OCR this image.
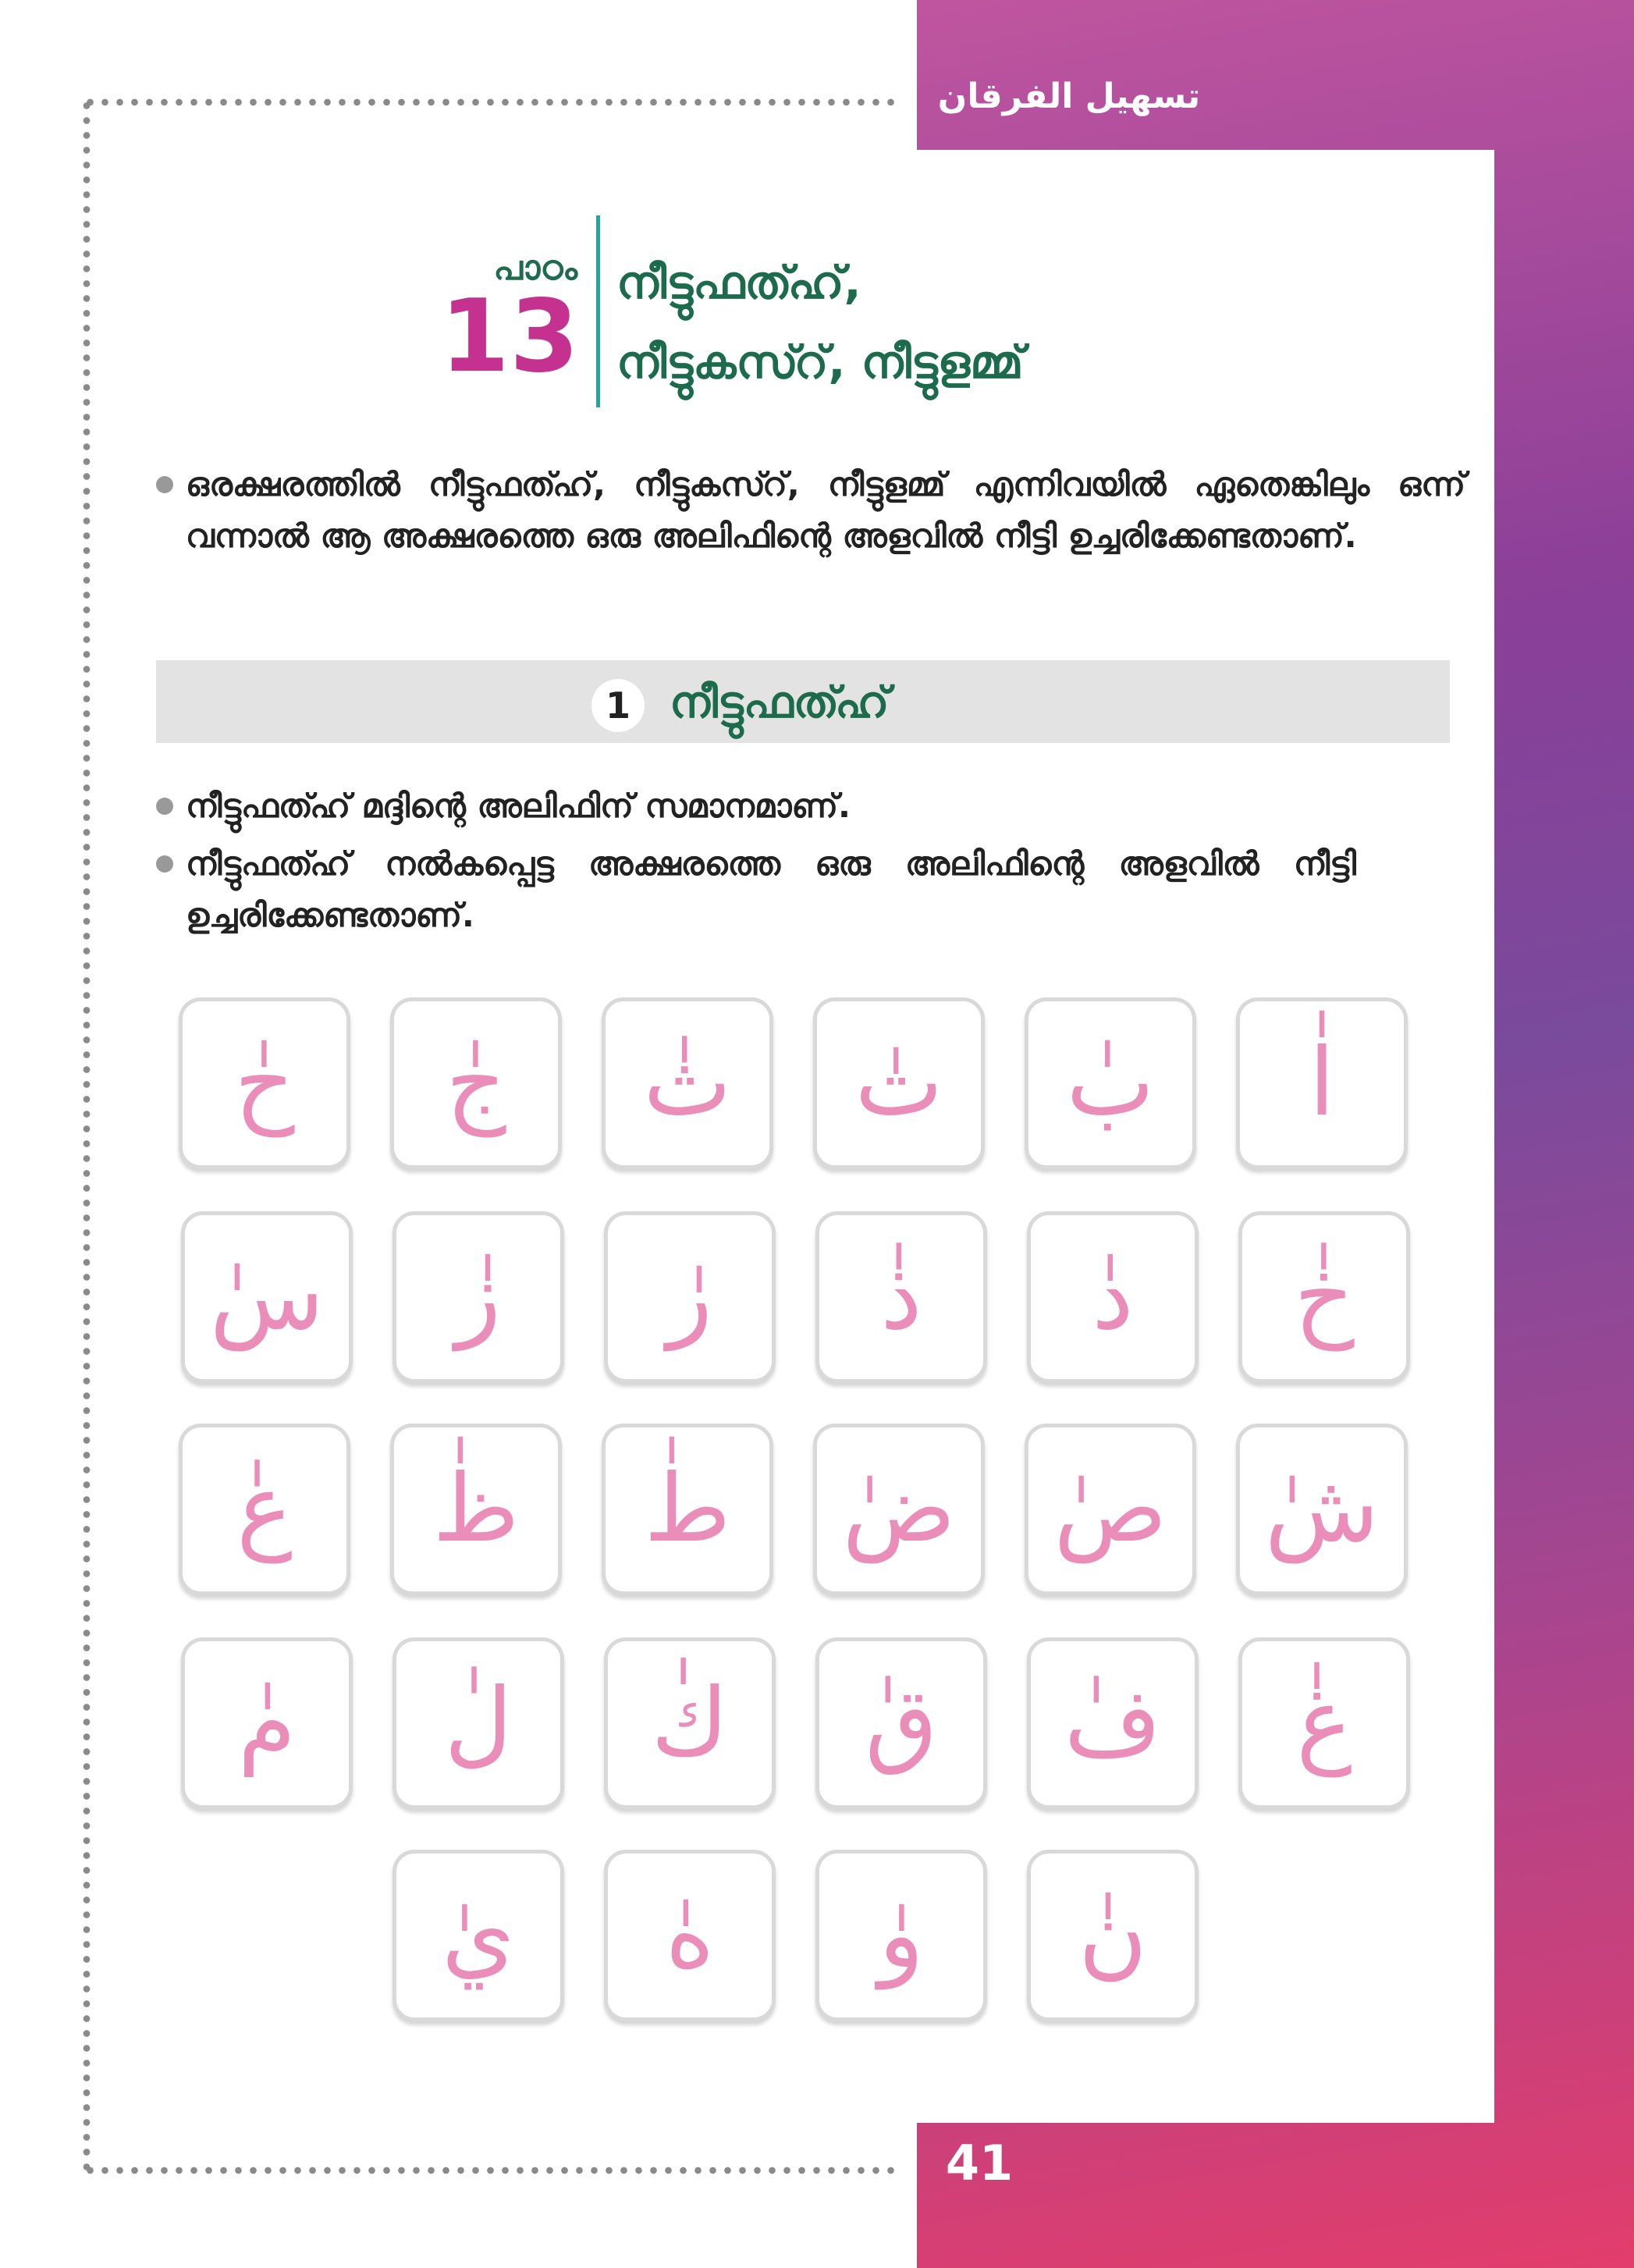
تسهيل الفرقان
പാഠം
13 നീട്ടുഫത്ഹ്,
നീട്ടുകസ്റ്, നീട്ടുളമ്മ്
ഒരക്ഷരത്തിൽ നീട്ടുഫത്ഹ്, നീട്ടുകസ്റ്, നീട്ടുളമ്മ് എന്നിവയിൽ ഏതെങ്കിലും ഒന്ന് വന്നാൽ ആ അക്ഷരത്തെ ഒരു അലിഫിന്റെ അളവിൽ നീട്ടി ഉച്ചരിക്കേണ്ടതാണ്.
1 നീട്ടുഫത്ഹ്
നീട്ടുഫത്ഹ് മദ്ദിന്റെ അലിഫിന് സമാനമാണ്.
നീട്ടുഫത്ഹ് നൽകപ്പെട്ട അക്ഷരത്തെ ഒരു അലിഫിന്റെ അളവിൽ നീട്ടി ഉച്ചരിക്കേണ്ടതാണ്.
اٰ
بٰ
تٰ
ثٰ
جٰ
حٰ
خٰ
دٰ
ذٰ
رٰ
زٰ
سٰ
شٰ
صٰ
ضٰ
طٰ
ظٰ
عٰ
غٰ
فٰ
قٰ
كٰ
لٰ
مٰ
نٰ
وٰ
هٰ
يٰ
41
